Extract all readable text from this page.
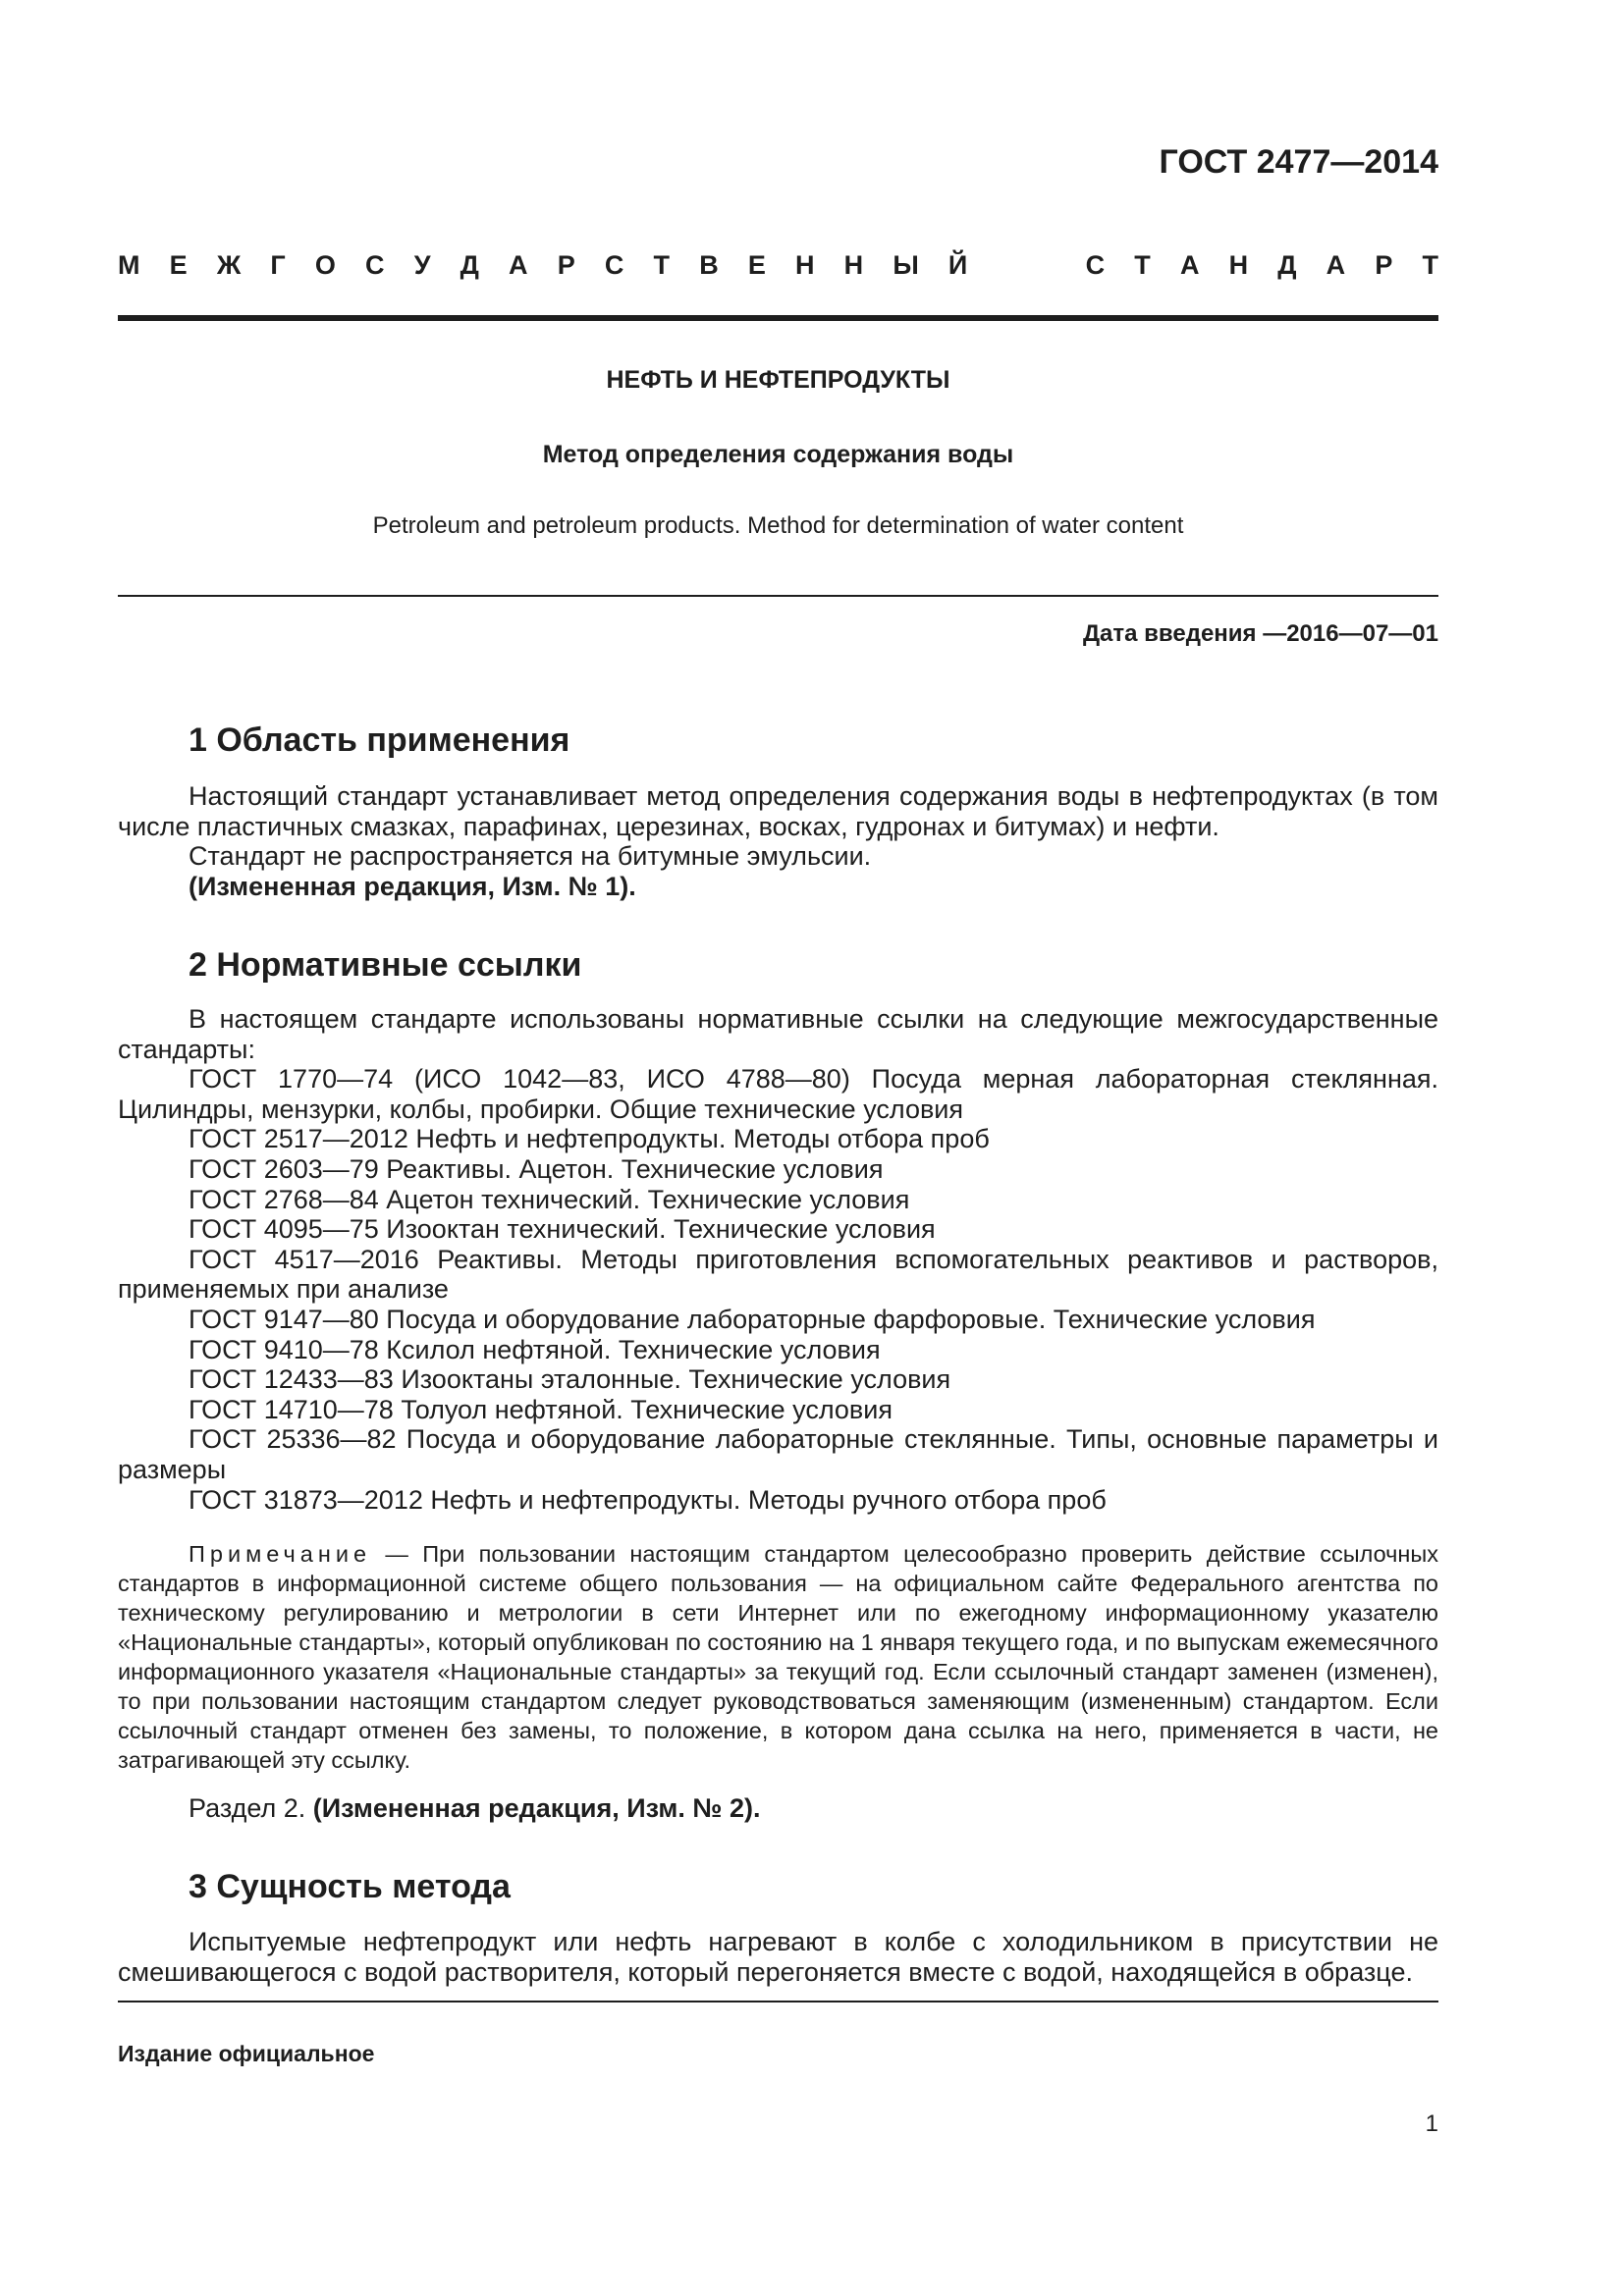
ГОСТ 2477—2014
М Е Ж Г О С У Д А Р С Т В Е Н Н Ы Й	С Т А Н Д А Р Т
НЕФТЬ И НЕФТЕПРОДУКТЫ
Метод определения содержания воды
Petroleum and petroleum products. Method for determination of water content
Дата введения —2016—07—01
1 Область применения

Настоящий стандарт устанавливает метод определения содержания воды в нефтепродуктах (в том числе пластичных смазках, парафинах, церезинах, восках, гудронах и битумах) и нефти.

Стандарт не распространяется на битумные эмульсии.

(Измененная редакция, Изм. № 1).

2 Нормативные ссылки

В настоящем стандарте использованы нормативные ссылки на следующие межгосударственные стандарты:

ГОСТ 1770—74 (ИСО 1042—83, ИСО 4788—80) Посуда мерная лабораторная стеклянная. Цилиндры, мензурки, колбы, пробирки. Общие технические условия

ГОСТ 2517—2012 Нефть и нефтепродукты. Методы отбора проб

ГОСТ 2603—79 Реактивы. Ацетон. Технические условия

ГОСТ 2768—84 Ацетон технический. Технические условия

ГОСТ 4095—75 Изооктан технический. Технические условия

ГОСТ 4517—2016 Реактивы. Методы приготовления вспомогательных реактивов и растворов, применяемых при анализе

ГОСТ 9147—80 Посуда и оборудование лабораторные фарфоровые. Технические условия

ГОСТ 9410—78 Ксилол нефтяной. Технические условия

ГОСТ 12433—83 Изооктаны эталонные. Технические условия

ГОСТ 14710—78 Толуол нефтяной. Технические условия

ГОСТ 25336—82 Посуда и оборудование лабораторные стеклянные. Типы, основные параметры и размеры

ГОСТ 31873—2012 Нефть и нефтепродукты. Методы ручного отбора проб

Примечание — При пользовании настоящим стандартом целесообразно проверить действие ссылочных стандартов в информационной системе общего пользования — на официальном сайте Федерального агентства по техническому регулированию и метрологии в сети Интернет или по ежегодному информационному указателю «Национальные стандарты», который опубликован по состоянию на 1 января текущего года, и по выпускам ежемесячного информационного указателя «Национальные стандарты» за текущий год. Если ссылочный стандарт заменен (изменен), то при пользовании настоящим стандартом следует руководствоваться заменяющим (измененным) стандартом. Если ссылочный стандарт отменен без замены, то положение, в котором дана ссылка на него, применяется в части, не затрагивающей эту ссылку.

Раздел 2. (Измененная редакция, Изм. № 2).

3 Сущность метода

Испытуемые нефтепродукт или нефть нагревают в колбе с холодильником в присутствии не смешивающегося с водой растворителя, который перегоняется вместе с водой, находящейся в образце.

Издание официальное
1
